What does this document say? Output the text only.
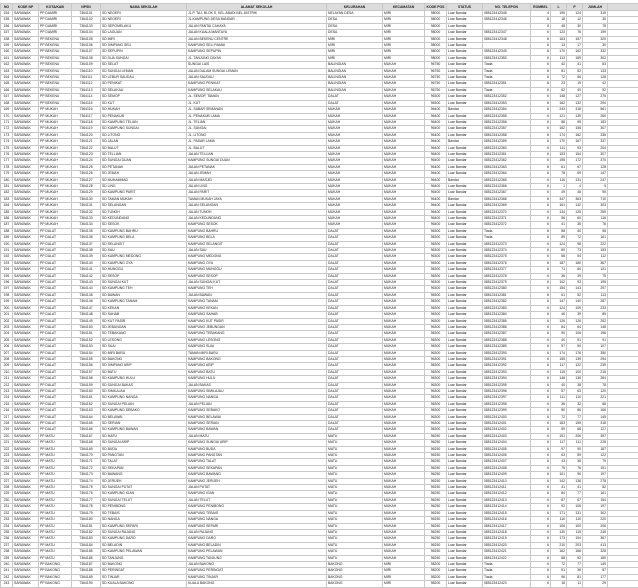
NO	KODE NP	KOTA/KAB	NPSN	NAMA SEKOLAH	ALAMAT SEKOLAH	KELURAHAN	KECAMATAN	KODE POS	STATUS	NO. TELEPON	ROMBEL	L	P	JUMLAH	
154	SARAWAK	PP DAMIRI	7364101	SD NEGERI	JL.P. TAJ. BLOK S, KEL.ABADI BEL.DISTRIK	NELAYAN DESA	MIRI	98000	Luar Bandar	085123412345	4	195	124	319	
155	SARAWAK	PP DAMIRI	7364102	SD NEGERI	JL.KAMPUNG DESA BANDAR	DESA	MIRI	98000	Luar Bandar	085123412346	8	18	12	30	
156	SARAWAK	PP DAMIRI	7364103	SD SEPOMELAKU	JALAN PANTAI CAHAYA	DESA	MIRI	98000	Luar Bandar		8	48	30	78	
157	SARAWAK	PP DAMIRI	7364104	SD LAGUAN	JALAN KUALA MANTAYA	DESA	MIRI	98000	Luar Bandar	085123412347	6	123	76	199	
158	SARAWAK	PP BEKENU	7364105	SD MIRI	JALAN BEKENU CENTRE	MIRI	MIRI	98000	Luar Bandar	085123412348	6	163	157	320	
159	SARAWAK	PP BEKENU	7364106	SD SIMPANG SELI	KAMPUNG SELI RAMAI	MIRI	MIRI	98000	Luar Bandar		6	13	17	30	
160	SARAWAK	PP BEKENU	7364107	SD SEPUPIN	KAMPUNG SEPUPIN	MIRI	MIRI	98000	Luar Bandar	085123412349	6	170	162	332	
161	SARAWAK	PP BEKENU	7364108	SD DUA SUNGAI	JL. TANJUNG DAYAK	MIRI	MIRI	98000	Luar Bandar	085123412350	6	113	189	302	
162	SARAWAK	PP BEKENU	7364109	SD SELAT	SUNGAI LAIS	BALINGIAN	MUKAH	96750	Luar Bandar	Tiada	6	42	41	83	
163	SARAWAK	PP BEKENU	7364110	SD SUNGAI LEMAN	JALAN DALAM SUNGAI LEMAN	BALINGIAN	MUKAH	96750	Luar Bandar	Tiada	6	81	52	133	
164	SARAWAK	PP BEKENU	7364111	SD LEBUR SAUDAU	JALAN SAUDAU	BALINGIAN	MUKAH	96750	Luar Bandar	Tiada	6	72	56	128	
165	SARAWAK	PP BEKENU	7364112	SD PENIKAT	KAMPUNG PENIKAT	BALINGIAN	MUKAH	96750	Luar Bandar	085123412351	6	23	19	42	
166	SARAWAK	PP BEKENU	7364113	SD SELAKAU	KAMPUNG SELAKAU	BALINGIAN	MUKAH	96750	Luar Bandar	Tiada	6	52	40	92	
167	SARAWAK	PP BEKENU	7364114	SD SEMOP	JL. SEMOP, TAMAN	DALAT	MUKAH	96300	Luar Bandar	085123412352	6	148	127	275	
168	SARAWAK	PP BEKENU	7364115	SD KUT	JL. KUT	DALAT	MUKAH	96300	Luar Bandar	085123412353	6	162	132	294	
169	SARAWAK	PP MUKAH	7364116	SD MUKAH	JL. SABAR SEMANAN	MUKAH	MUKAH	96400	Bandar	085123412354	6	243	318	561	
170	SARAWAK	PP MUKAH	7364117	SD PENAKUB	JL. PENAKUB LAMA	MUKAH	MUKAH	96400	Luar Bandar	085123412355	6	121	139	260	
171	SARAWAK	PP MUKAH	7364118	SD KAMPUNG TELIAN	JL. TELIAN	MUKAH	MUKAH	96400	Luar Bandar	085123412356	6	88	95	183	
172	SARAWAK	PP MUKAH	7364119	SD KAMPUNG SUNGAI	JL. SUNGAI	MUKAH	MUKAH	96400	Luar Bandar	085123412357	6	152	155	307	
173	SARAWAK	PP MUKAH	7364120	SD LITONG	JL. LITONG	MUKAH	MUKAH	96400	Luar Bandar	085123412358	6	174	162	336	
174	SARAWAK	PP MUKAH	7364121	SD JALAN	JL. PASAR LAMA	MUKAH	MUKAH	96400	Bandar	085123412359	6	170	167	337	
175	SARAWAK	PP MUKAH	7364122	SD BALUT	JL. BALUT	MUKAH	MUKAH	96400	Luar Bandar	085123412360	6	111	93	204	
176	SARAWAK	PP MUKAH	7364123	SD TELLIAN	JALAN TELLIAN	MUKAH	MUKAH	96400	Luar Bandar	085123412361	6	153	154	307	
177	SARAWAK	PP MUKAH	7364124	SD SUNGAI DUAN	KAMPUNG SUNGAI DUAN	MUKAH	MUKAH	96400	Luar Bandar	085123412362	6	198	172	370	
178	SARAWAK	PP MUKAH	7364125	SD PETANAK	JALAN PETANAK	MUKAH	MUKAH	96400	Luar Bandar	085123412363	6	61	67	128	
179	SARAWAK	PP MUKAH	7364126	SD JEMAH	JALAN JEMAH	MUKAH	MUKAH	96400	Luar Bandar	085123412364	6	78	69	147	
180	SARAWAK	PP MUKAH	7364127	SD MUHAMMAD	JALAN MASJID	MUKAH	MUKAH	96400	Bandar	085123412365	6	116	131	247	
181	SARAWAK	PP MUKAH	7364128	SD LING	JALAN LING	MUKAH	MUKAH	96400	Luar Bandar	085123412366	6	1	4	5	
182	SARAWAK	PP MUKAH	7364129	SD KAMPUNG PARIT	JALAN PARIT	MUKAH	MUKAH	96400	Luar Bandar	085123412367	6	49	46	95	
183	SARAWAK	PP MUKAH	7364130	SD TAMAN MUKAH	TAMAN MUKAH JAYA	MUKAH	MUKAH	96400	Bandar	085123412368	6	347	363	710	
184	SARAWAK	PP MUKAH	7364131	SD SELANGAN	JALAN SELANGAN	MUKAH	MUKAH	96400	Luar Bandar	085123412369	6	161	142	303	
185	SARAWAK	PP MUKAH	7364132	SD TUNOH	JALAN TUNOH	MUKAH	MUKAH	96400	Luar Bandar	085123412370	6	134	125	259	
186	SARAWAK	PP MUKAH	7364133	SD KEDUNDANG	JALAN KEDUNDANG	MUKAH	MUKAH	96400	Luar Bandar	085123412371	6	56	60	116	
187	SARAWAK	PP MUKAH	7364134	SD SESOK	KAMPUNG SESOK	MUKAH	MUKAH	96400	Luar Bandar	085123412372	6	41	35	76	
188	SARAWAK	PP DALAT	7364135	SD KAMPUNG BAHRU	KAMPUNG BAHRU	DALAT	MUKAH	96300	Luar Bandar	Tiada	6	58	40	98	
189	SARAWAK	PP DALAT	7364136	SD KAMPUNG BELA	KAMPUNG BELA	DALAT	MUKAH	96300	Luar Bandar	Tiada	6	89	72	161	
190	SARAWAK	PP DALAT	7364137	SD SELANGIT	KAMPUNG SELANGIT	DALAT	MUKAH	96300	Luar Bandar	085123412373	6	124	98	222	
191	SARAWAK	PP DALAT	7364138	SD SAU	JALAN SAU	DALAT	MUKAH	96300	Luar Bandar	085123412374	6	80	73	153	
192	SARAWAK	PP DALAT	7364139	SD KAMPUNG MEDONG	KAMPUNG MEDONG	DALAT	MUKAH	96300	Luar Bandar	085123412375	6	58	54	112	
193	SARAWAK	PP DALAT	7364140	SD KAMPUNG OYA	KAMPUNG OYA	DALAT	MUKAH	96300	Luar Bandar	085123412376	6	187	180	367	
194	SARAWAK	PP DALAT	7364141	SD MUNGGU	KAMPUNG MUNGGU	DALAT	MUKAH	96300	Luar Bandar	085123412377	6	71	60	131	
195	SARAWAK	PP DALAT	7364142	SD SESOP	KAMPUNG SESOP	DALAT	MUKAH	96300	Luar Bandar	085123412378	6	36	39	75	
196	SARAWAK	PP DALAT	7364143	SD SUNGAI KUT	JALAN SUNGAI KUT	DALAT	MUKAH	96300	Luar Bandar	085123412379	6	102	93	195	
197	SARAWAK	PP DALAT	7364144	SD KAMPUNG TEH	KAMPUNG TEH	DALAT	MUKAH	96300	Luar Bandar	085123412380	6	154	143	297	
198	SARAWAK	PP DALAT	7364145	SD BAWAN	JALAN BAWAN	DALAT	MUKAH	96300	Luar Bandar	085123412381	6	61	52	113	
199	SARAWAK	PP DALAT	7364146	SD KAMPUNG TANAM	KAMPUNG TANAM	DALAT	MUKAH	96300	Luar Bandar	085123412382	6	147	140	287	
200	SARAWAK	PP DALAT	7364147	SD KEKAN	KAMPUNG KEKAN	DALAT	MUKAH	96300	Luar Bandar	085123412383	6	124	109	233	
201	SARAWAK	PP DALAT	7364148	SD SAHAB	KAMPUNG SAHAB	DALAT	MUKAH	96300	Luar Bandar	085123412384	6	46	39	85	
202	SARAWAK	PP DALAT	7364149	SD KUT PASIR	KAMPUNG KUT PASIR	DALAT	MUKAH	96300	Luar Bandar	085123412385	6	126	126	252	
203	SARAWAK	PP DALAT	7364150	SD JEBUNGAN	KAMPUNG JEBUNGAN	DALAT	MUKAH	96300	Luar Bandar	085123412386	6	84	64	148	
204	SARAWAK	PP DALAT	7364151	SD TEBAKANG	KAMPUNG TEBAKANG	DALAT	MUKAH	96300	Luar Bandar	085123412387	6	90	106	196	
205	SARAWAK	PP DALAT	7364152	SD LESONG	KAMPUNG LESONG	DALAT	MUKAH	96300	Luar Bandar	085123412388	6	40	51	91	
206	SARAWAK	PP DALAT	7364153	SD SUAI	KAMPUNG SUAI	DALAT	MUKAH	96300	Luar Bandar	085123412389	6	57	50	107	
207	SARAWAK	PP DALAT	7364154	SD MIRI BARU	TAMAN MIRI BARU	DALAT	MUKAH	96300	Luar Bandar	085123412390	6	174	176	350	
208	SARAWAK	PP DALAT	7364155	SD BAKONG	KAMPUNG BAKONG	DALAT	MUKAH	96300	Luar Bandar	085123412391	6	155	139	294	
209	SARAWAK	PP DALAT	7364156	SD SIMPANG ARIP	KAMPUNG ARIP	DALAT	MUKAH	96300	Luar Bandar	085123412392	6	117	122	239	
210	SARAWAK	PP DALAT	7364157	SD BATU	KAMPUNG BATU	DALAT	MUKAH	96300	Luar Bandar	085123412393	6	115	100	215	
211	SARAWAK	PP DALAT	7364158	SD KAMPUNG HULU	KAMPUNG HULU	DALAT	MUKAH	96300	Luar Bandar	085123412394	6	148	136	284	
212	SARAWAK	PP DALAT	7364159	SD SUNGAI BAKAS	JALAN BAKAS	DALAT	MUKAH	96300	Luar Bandar	085123412395	6	40	38	78	
213	SARAWAK	PP DALAT	7364160	SD SIMILAJAU	KAMPUNG SIMILAJAU	DALAT	MUKAH	96300	Luar Bandar	085123412396	6	57	63	120	
214	SARAWAK	PP DALAT	7364161	SD KAMPUNG NANGA	KAMPUNG NANGA	DALAT	MUKAH	96300	Luar Bandar	085123412397	6	111	110	221	
215	SARAWAK	PP DALAT	7364162	SD SUNGAI PELIAN	JALAN PELIAN	DALAT	MUKAH	96300	Luar Bandar	085123412398	6	36	32	68	
216	SARAWAK	PP DALAT	7364163	SD KAMPUNG SEBAKO	KAMPUNG SEBAKO	DALAT	MUKAH	96300	Luar Bandar	085123412399	6	80	86	166	
217	SARAWAK	PP DALAT	7364164	SD BELAWAI	KAMPUNG BELAWAI	DALAT	MUKAH	96300	Luar Bandar	085123412400	6	72	77	149	
218	SARAWAK	PP DALAT	7364165	SD SERIAN	KAMPUNG SERIAN	DALAT	MUKAH	96300	Luar Bandar	085123412401	6	163	155	318	
219	SARAWAK	PP DALAT	7364166	SD KAMPUNG BAWAN	KAMPUNG BAWAN	DALAT	MUKAH	96300	Luar Bandar	085123412402	6	59	68	127	
220	SARAWAK	PP MATU	7364167	SD MATU	JALAN MATU	MATU	MUKAH	96250	Luar Bandar	085123412403	6	191	206	397	
221	SARAWAK	PP MATU	7364168	SD SUNGAI ARIP	KAMPUNG SUNGAI ARIP	MATU	MUKAH	96250	Luar Bandar	085123412404	6	117	111	228	
222	SARAWAK	PP MATU	7364169	SD BUDA	KAMPUNG BUDA	MATU	MUKAH	96250	Luar Bandar	085123412405	6	97	90	187	
223	SARAWAK	PP MATU	7364170	SD PANGTAN	KAMPUNG PANGTAN	MATU	MUKAH	96250	Luar Bandar	085123412406	6	63	59	122	
224	SARAWAK	PP MATU	7364171	SD TALAT	KAMPUNG TALAT	MATU	MUKAH	96250	Luar Bandar	085123412407	6	43	36	79	
225	SARAWAK	PP MATU	7364172	SD SEKAPAN	KAMPUNG SEKAPAN	MATU	MUKAH	96250	Luar Bandar	085123412408	6	75	76	151	
226	SARAWAK	PP MATU	7364173	SD BAWANG	KAMPUNG BAWANG	MATU	MUKAH	96250	Luar Bandar	085123412409	6	101	96	197	
227	SARAWAK	PP MATU	7364174	SD JERIJEH	KAMPUNG JERIJEH	MATU	MUKAH	96250	Luar Bandar	085123412410	6	142	136	278	
228	SARAWAK	PP MATU	7364175	SD SUNGAI PUTAT	JALAN PUTAT	MATU	MUKAH	96250	Luar Bandar	085123412411	6	41	41	82	
229	SARAWAK	PP MATU	7364176	SD KAMPUNG IGAN	KAMPUNG IGAN	MATU	MUKAH	96250	Luar Bandar	085123412412	6	84	77	161	
230	SARAWAK	PP MATU	7364177	SD SUNGAI TELUT	JALAN TELUT	MATU	MUKAH	96250	Luar Bandar	085123412413	6	87	67	154	
231	SARAWAK	PP MATU	7364178	SD PENIBONG	KAMPUNG PENIBONG	MATU	MUKAH	96250	Luar Bandar	085123412414	6	92	105	197	
232	SARAWAK	PP MATU	7364179	SD TEBAIS	KAMPUNG TEBAIS	MATU	MUKAH	96250	Luar Bandar	085123412415	6	171	131	302	
233	SARAWAK	PP MATU	7364180	SD NANGA	KAMPUNG NANGA	MATU	MUKAH	96250	Luar Bandar	085123412416	6	110	110	220	
234	SARAWAK	PP MATU	7364181	SD KAMPUNG SEPARI	KAMPUNG SEPARI	MATU	MUKAH	96250	Luar Bandar	085123412417	6	106	100	206	
235	SARAWAK	PP MATU	7364182	SD SUNGAI RAJANG	JALAN RAJANG	MATU	MUKAH	96250	Luar Bandar	085123412418	6	130	115	245	
236	SARAWAK	PP MATU	7364183	SD KAMPUNG DARO	KAMPUNG DARO	MATU	MUKAH	96250	Luar Bandar	085123412419	6	173	194	367	
237	SARAWAK	PP MATU	7364184	SD BELADIN	KAMPUNG BELADIN	MATU	MUKAH	96250	Luar Bandar	085123412420	6	210	203	413	
238	SARAWAK	PP MATU	7364185	SD KAMPUNG PELAWAN	KAMPUNG PELAWAN	MATU	MUKAH	96250	Luar Bandar	085123412421	6	162	166	328	
239	SARAWAK	PP MATU	7364186	SD TANJUNG	KAMPUNG TANJUNG	MATU	MUKAH	96250	Luar Bandar	085123412422	6	88	92	180	
240	SARAWAK	PP BAKONG	7364187	SD BAKONG	JALAN BAKONG	BAKONG	MIRI	98200	Luar Bandar	Tiada	6	72	77	149	
241	SARAWAK	PP BAKONG	7364188	SD PERINGAT	KAMPUNG PERINGAT	BAKONG	MIRI	98200	Luar Bandar	Tiada	6	51	36	87	
242	SARAWAK	PP BAKONG	7364189	SD TINJAR	KAMPUNG TINJAR	BAKONG	MIRI	98200	Luar Bandar	Tiada	6	96	81	177	
243	SARAWAK	PP BAKONG	7364190	SD KUALA BAKONG	KUALA BAKONG	BAKONG	MIRI	98200	Luar Bandar	085123412423	6	18	11	29	
